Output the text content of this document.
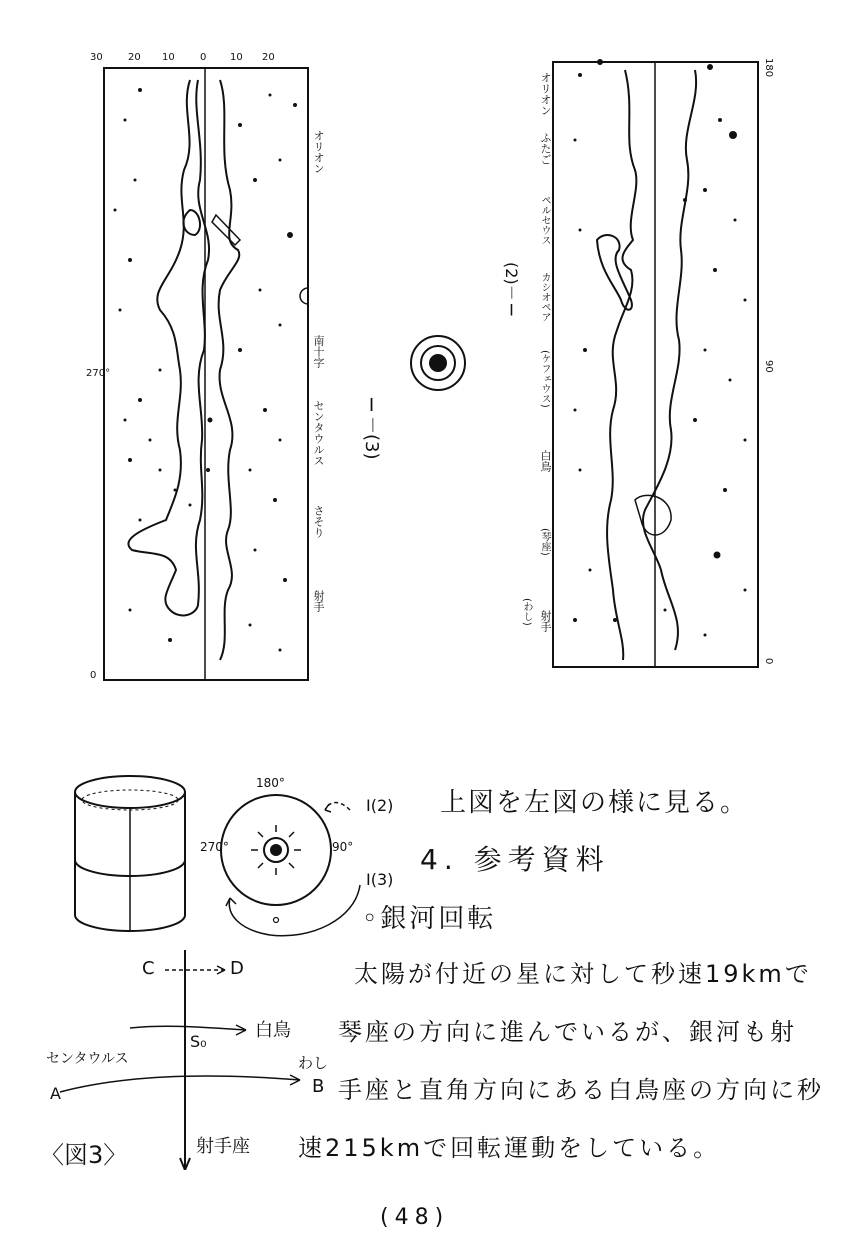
30	20 10	0 10 20
270°
0
オリオン
南十字
センタウルス
さそり
射手
Ⅰ－(3)
180
90
0
オリオン
ふたご
ペルセウス
カシオペア
(ケフェウス)
白鳥
(琴座)
(わし) 射手
(2)－Ⅰ
180°
270°	90°
Ⅰ(2)
Ⅰ(3)
上図を左図の様に見る。
4. 参考資料
◦銀河回転
C	D
S₀
白鳥
センタウルス
A
わし
B
射手座
〈図3〉
太陽が付近の星に対して秒速19kmで
琴座の方向に進んでいるが、銀河も射
手座と直角方向にある白鳥座の方向に秒
速215kmで回転運動をしている。
(48)
